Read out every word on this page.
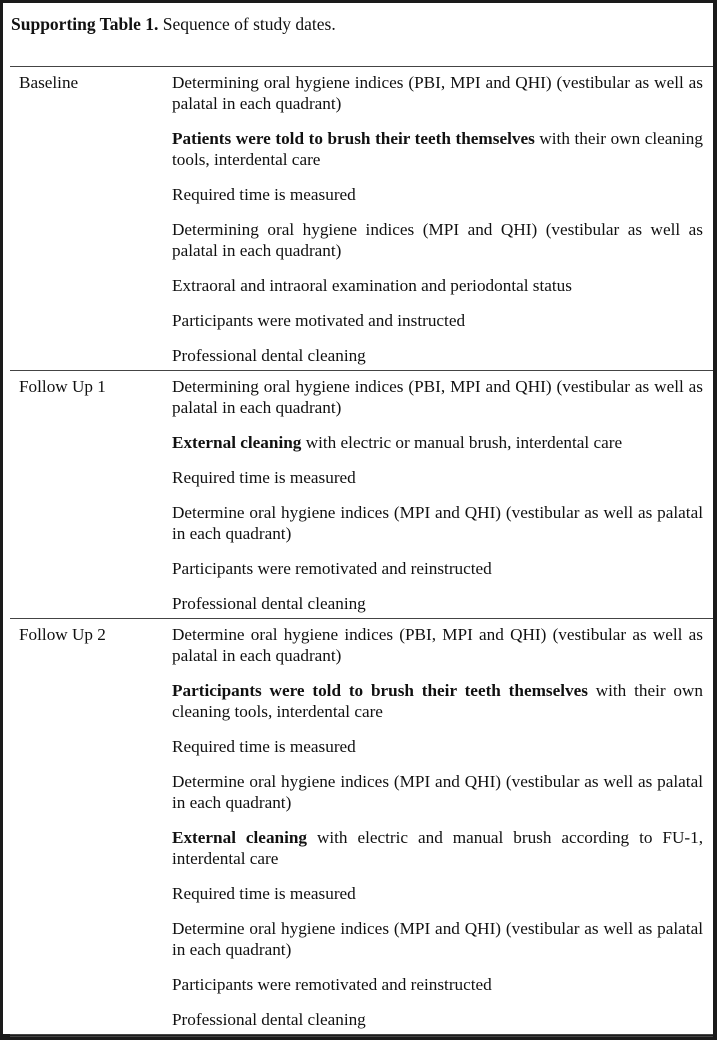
Supporting Table 1. Sequence of study dates.
Baseline	Determining oral hygiene indices (PBI, MPI and QHI) (vestibular as well as palatal in each quadrant)
Patients were told to brush their teeth themselves with their own cleaning tools, interdental care
Required time is measured
Determining oral hygiene indices (MPI and QHI) (vestibular as well as palatal in each quadrant)
Extraoral and intraoral examination and periodontal status
Participants were motivated and instructed
Professional dental cleaning
Follow Up 1	Determining oral hygiene indices (PBI, MPI and QHI) (vestibular as well as palatal in each quadrant)
External cleaning with electric or manual brush, interdental care
Required time is measured
Determine oral hygiene indices (MPI and QHI) (vestibular as well as palatal in each quadrant)
Participants were remotivated and reinstructed
Professional dental cleaning
Follow Up 2	Determine oral hygiene indices (PBI, MPI and QHI) (vestibular as well as palatal in each quadrant)
Participants were told to brush their teeth themselves with their own cleaning tools, interdental care
Required time is measured
Determine oral hygiene indices (MPI and QHI) (vestibular as well as palatal in each quadrant)
External cleaning with electric and manual brush according to FU-1, interdental care
Required time is measured
Determine oral hygiene indices (MPI and QHI) (vestibular as well as palatal in each quadrant)
Participants were remotivated and reinstructed
Professional dental cleaning
